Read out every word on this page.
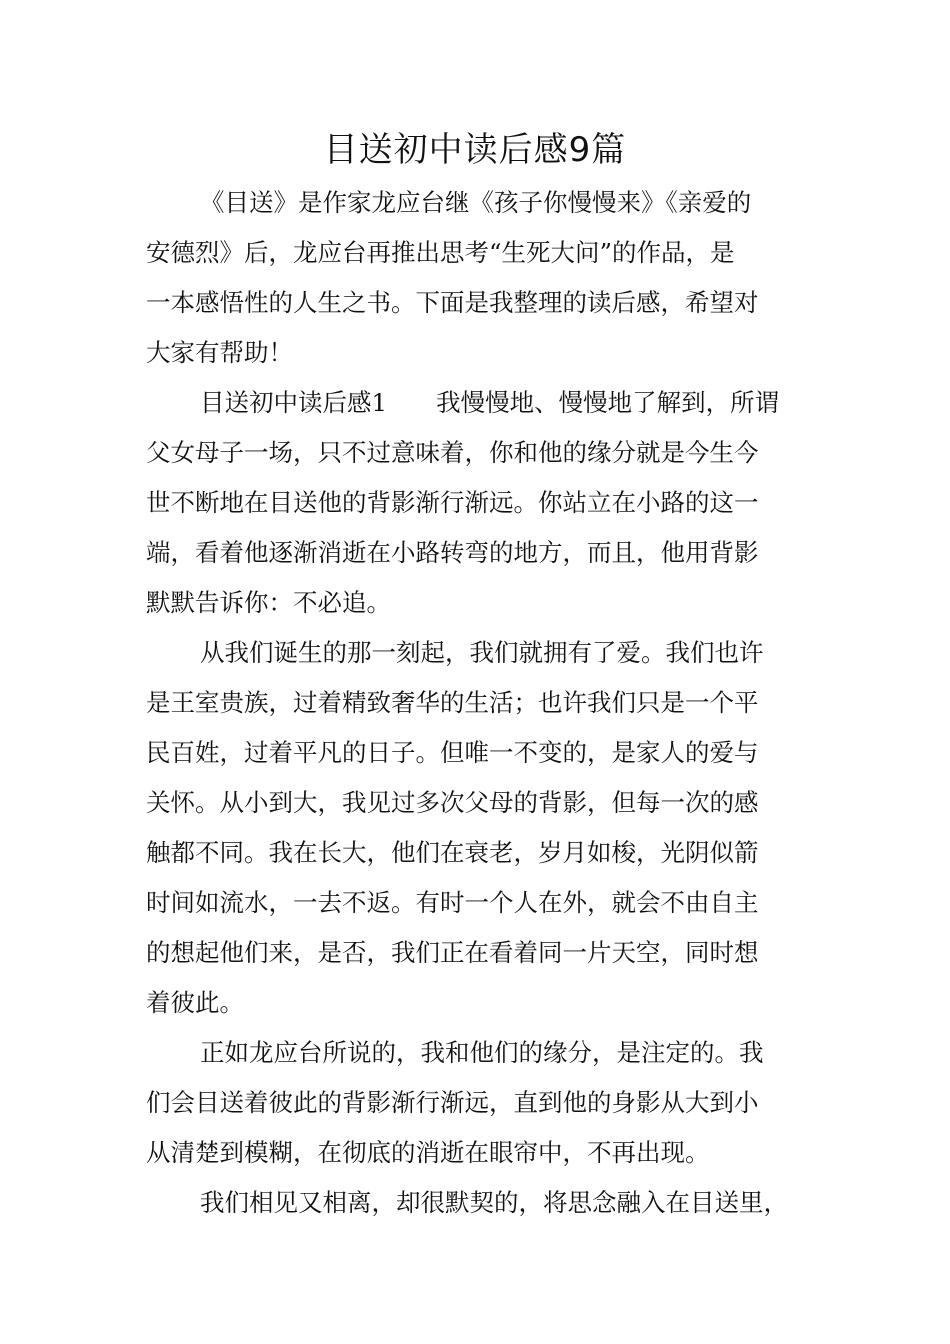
目送初中读后感9篇
《目送》是作家龙应台继《孩子你慢慢来》《亲爱的
安德烈》后，龙应台再推出思考“生死大问”的作品，是
一本感悟性的人生之书。下面是我整理的读后感，希望对
大家有帮助！
目送初中读后感1　　我慢慢地、慢慢地了解到，所谓
父女母子一场，只不过意味着，你和他的缘分就是今生今
世不断地在目送他的背影渐行渐远。你站立在小路的这一
端，看着他逐渐消逝在小路转弯的地方，而且，他用背影
默默告诉你：不必追。
从我们诞生的那一刻起，我们就拥有了爱。我们也许
是王室贵族，过着精致奢华的生活；也许我们只是一个平
民百姓，过着平凡的日子。但唯一不变的，是家人的爱与
关怀。从小到大，我见过多次父母的背影，但每一次的感
触都不同。我在长大，他们在衰老，岁月如梭，光阴似箭
时间如流水，一去不返。有时一个人在外，就会不由自主
的想起他们来，是否，我们正在看着同一片天空，同时想
着彼此。
正如龙应台所说的，我和他们的缘分，是注定的。我
们会目送着彼此的背影渐行渐远，直到他的身影从大到小
从清楚到模糊，在彻底的消逝在眼帘中，不再出现。
我们相见又相离，却很默契的，将思念融入在目送里，
